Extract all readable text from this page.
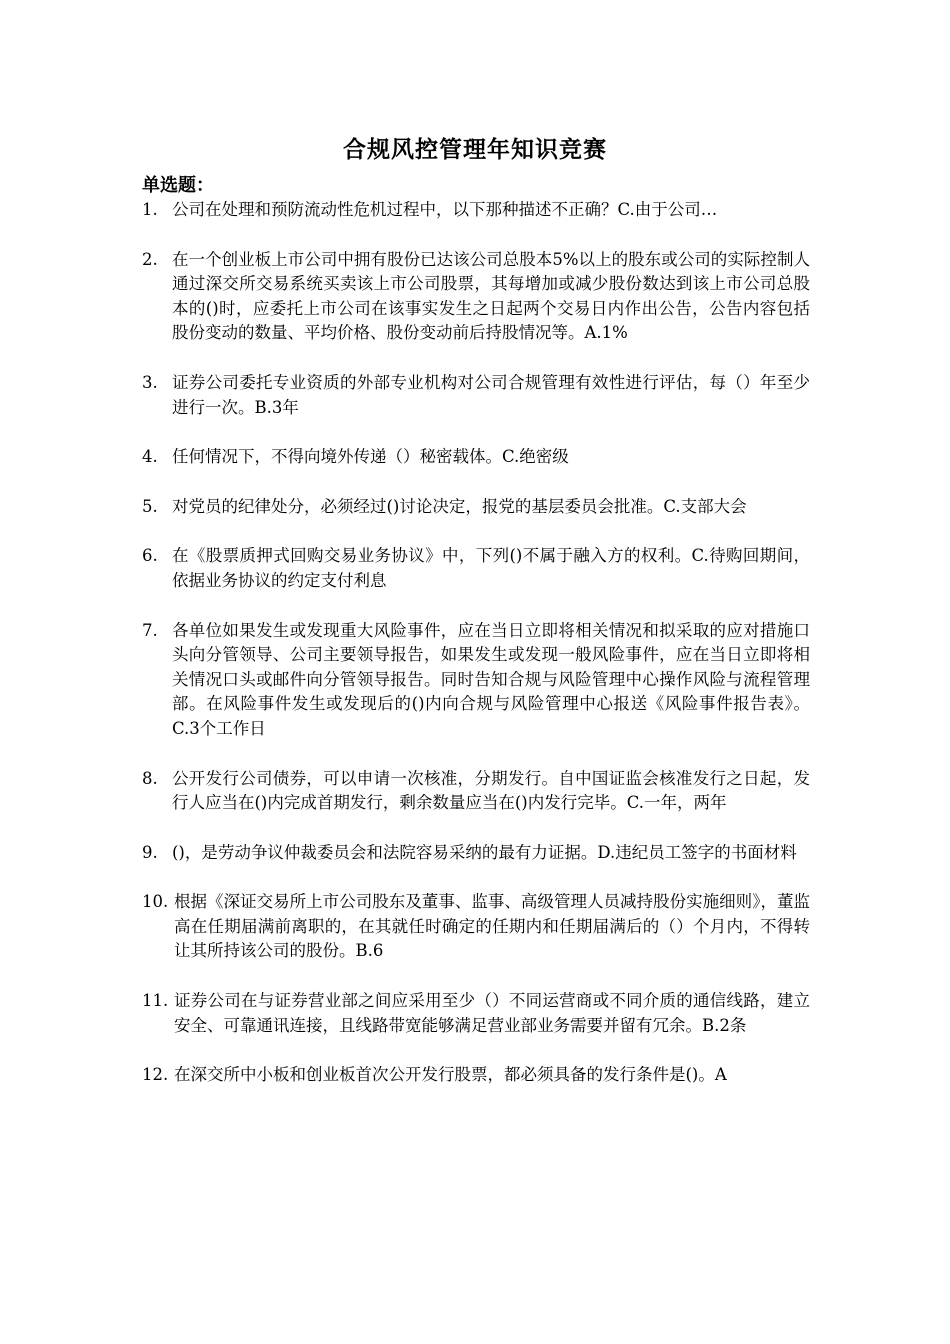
合规风控管理年知识竞赛
单选题：
1. 公司在处理和预防流动性危机过程中，以下那种描述不正确？C.由于公司…
2. 在一个创业板上市公司中拥有股份已达该公司总股本5%以上的股东或公司的实际控制人通过深交所交易系统买卖该上市公司股票，其每增加或减少股份数达到该上市公司总股本的()时，应委托上市公司在该事实发生之日起两个交易日内作出公告，公告内容包括股份变动的数量、平均价格、股份变动前后持股情况等。A.1%
3. 证券公司委托专业资质的外部专业机构对公司合规管理有效性进行评估，每（）年至少进行一次。B.3年
4. 任何情况下，不得向境外传递（）秘密载体。C.绝密级
5. 对党员的纪律处分，必须经过()讨论决定，报党的基层委员会批准。C.支部大会
6. 在《股票质押式回购交易业务协议》中，下列()不属于融入方的权利。C.待购回期间，依据业务协议的约定支付利息
7. 各单位如果发生或发现重大风险事件，应在当日立即将相关情况和拟采取的应对措施口头向分管领导、公司主要领导报告，如果发生或发现一般风险事件，应在当日立即将相关情况口头或邮件向分管领导报告。同时告知合规与风险管理中心操作风险与流程管理部。在风险事件发生或发现后的()内向合规与风险管理中心报送《风险事件报告表》。C.3个工作日
8. 公开发行公司债券，可以申请一次核准，分期发行。自中国证监会核准发行之日起，发行人应当在()内完成首期发行，剩余数量应当在()内发行完毕。C.一年，两年
9. ()，是劳动争议仲裁委员会和法院容易采纳的最有力证据。D.违纪员工签字的书面材料
10. 根据《深证交易所上市公司股东及董事、监事、高级管理人员减持股份实施细则》，董监高在任期届满前离职的，在其就任时确定的任期内和任期届满后的（）个月内，不得转让其所持该公司的股份。B.6
11. 证券公司在与证券营业部之间应采用至少（）不同运营商或不同介质的通信线路，建立安全、可靠通讯连接，且线路带宽能够满足营业部业务需要并留有冗余。B.2条
12. 在深交所中小板和创业板首次公开发行股票，都必须具备的发行条件是()。A
